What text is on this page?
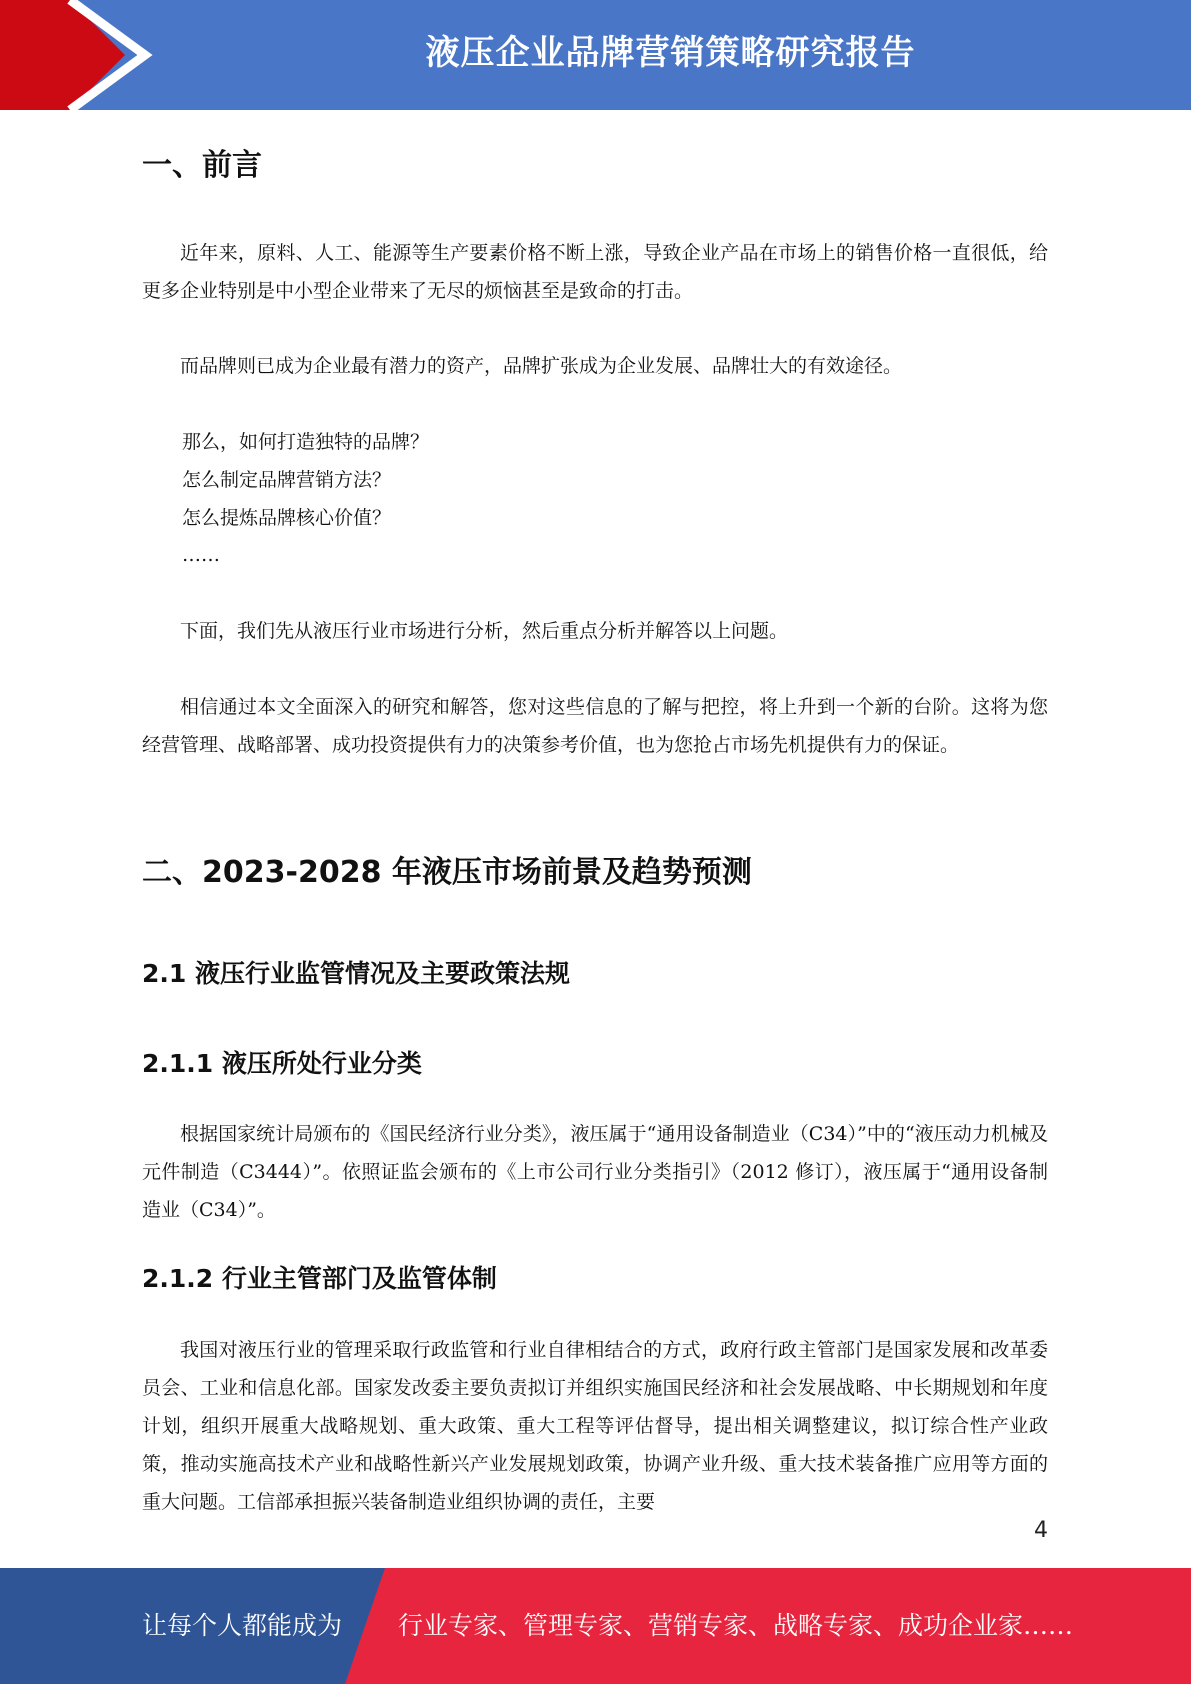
液压企业品牌营销策略研究报告
一、前言

近年来，原料、人工、能源等生产要素价格不断上涨，导致企业产品在市场上的销售价格一直很低，给更多企业特别是中小型企业带来了无尽的烦恼甚至是致命的打击。

而品牌则已成为企业最有潜力的资产，品牌扩张成为企业发展、品牌壮大的有效途径。

那么，如何打造独特的品牌？
怎么制定品牌营销方法？
怎么提炼品牌核心价值？
……

下面，我们先从液压行业市场进行分析，然后重点分析并解答以上问题。

相信通过本文全面深入的研究和解答，您对这些信息的了解与把控，将上升到一个新的台阶。这将为您经营管理、战略部署、成功投资提供有力的决策参考价值，也为您抢占市场先机提供有力的保证。

二、2023-2028 年液压市场前景及趋势预测
2.1 液压行业监管情况及主要政策法规
2.1.1 液压所处行业分类

根据国家统计局颁布的《国民经济行业分类》，液压属于“通用设备制造业（C34）”中的“液压动力机械及元件制造（C3444）”。依照证监会颁布的《上市公司行业分类指引》（2012 修订），液压属于“通用设备制造业（C34）”。

2.1.2 行业主管部门及监管体制

我国对液压行业的管理采取行政监管和行业自律相结合的方式，政府行政主管部门是国家发展和改革委员会、工业和信息化部。国家发改委主要负责拟订并组织实施国民经济和社会发展战略、中长期规划和年度计划，组织开展重大战略规划、重大政策、重大工程等评估督导，提出相关调整建议，拟订综合性产业政策，推动实施高技术产业和战略性新兴产业发展规划政策，协调产业升级、重大技术装备推广应用等方面的重大问题。工信部承担振兴装备制造业组织协调的责任，主要

4
让每个人都能成为 行业专家、管理专家、营销专家、战略专家、成功企业家……
